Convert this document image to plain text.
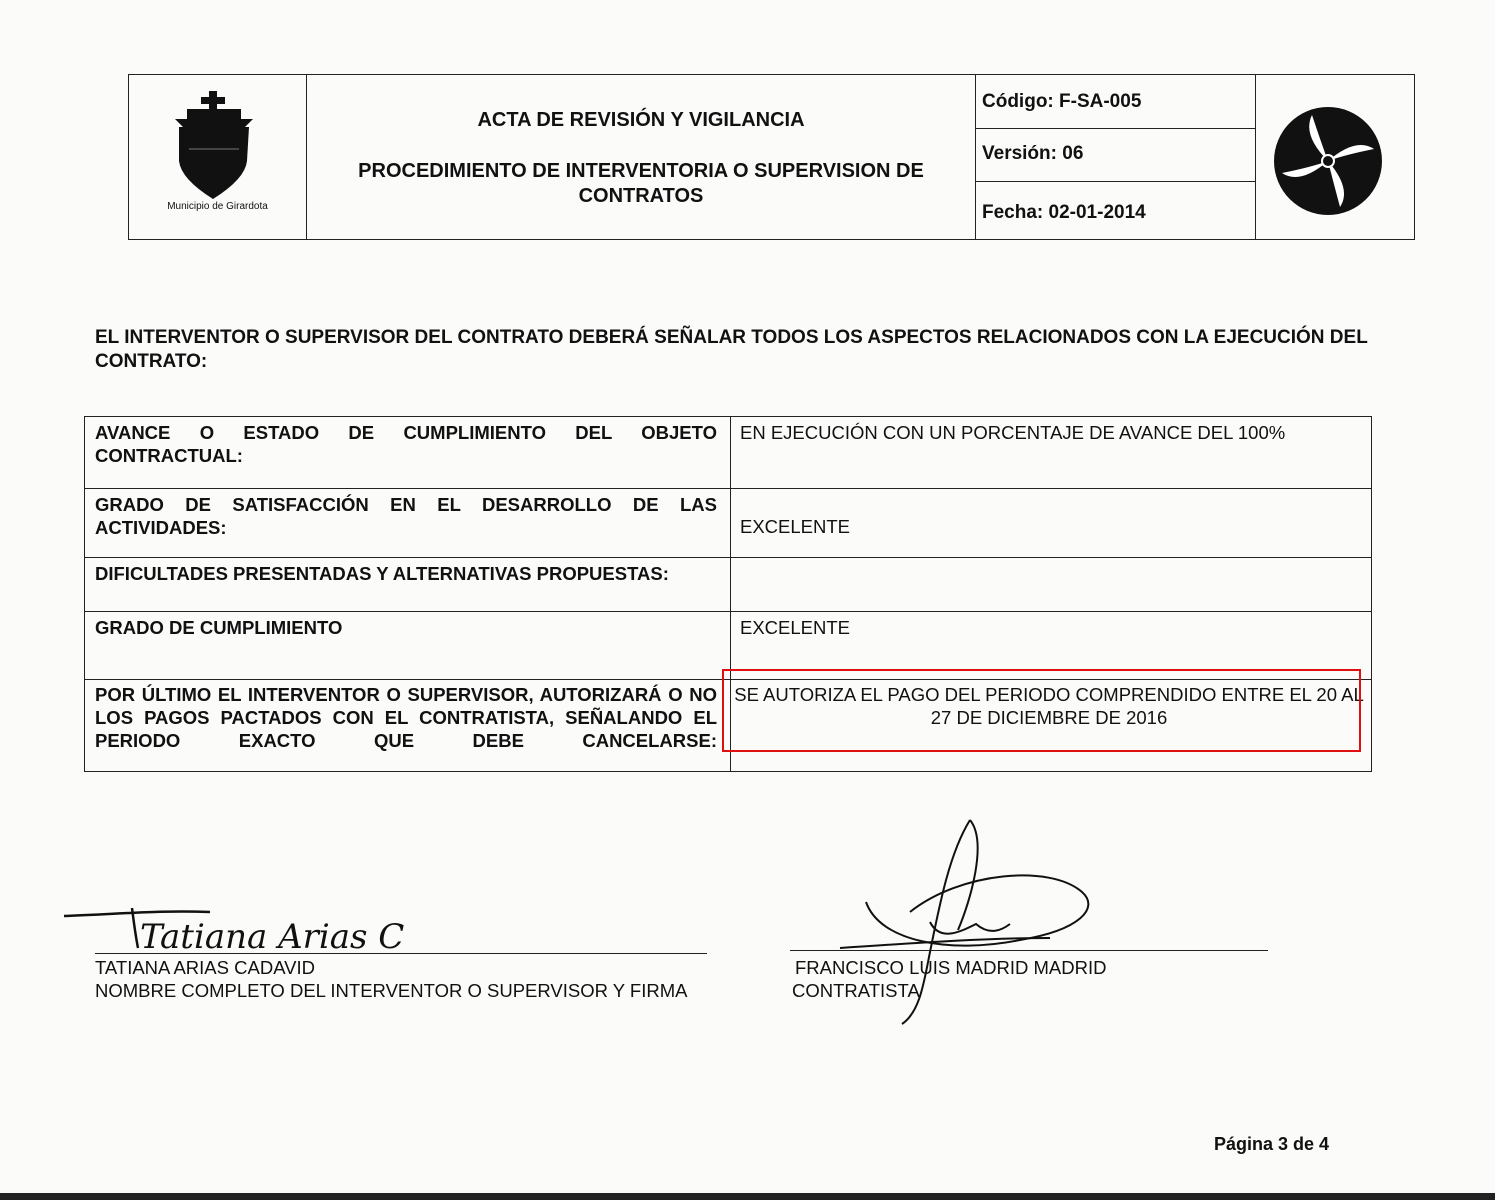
Municipio de Girardota
ACTA DE REVISIÓN Y VIGILANCIA
PROCEDIMIENTO DE INTERVENTORIA O SUPERVISION DE CONTRATOS
Código: F-SA-005
Versión: 06
Fecha: 02-01-2014
EL INTERVENTOR O SUPERVISOR DEL CONTRATO DEBERÁ SEÑALAR TODOS LOS ASPECTOS RELACIONADOS CON LA EJECUCIÓN DEL CONTRATO:
AVANCE O ESTADO DE CUMPLIMIENTO DEL OBJETO CONTRACTUAL:
EN EJECUCIÓN CON UN PORCENTAJE DE AVANCE DEL 100%
GRADO DE SATISFACCIÓN EN EL DESARROLLO DE LAS ACTIVIDADES:	EXCELENTE
DIFICULTADES PRESENTADAS Y ALTERNATIVAS PROPUESTAS:
GRADO DE CUMPLIMIENTO	EXCELENTE
POR ÚLTIMO EL INTERVENTOR O SUPERVISOR, AUTORIZARÁ O NO LOS PAGOS PACTADOS CON EL CONTRATISTA, SEÑALANDO EL PERIODO EXACTO QUE DEBE CANCELARSE:
SE AUTORIZA EL PAGO DEL PERIODO COMPRENDIDO ENTRE EL 20 AL 27 DE DICIEMBRE DE 2016
Tatiana Arias C
TATIANA ARIAS CADAVID
NOMBRE COMPLETO DEL INTERVENTOR O SUPERVISOR Y FIRMA
FRANCISCO LUIS MADRID MADRID
CONTRATISTA
Página 3 de 4
